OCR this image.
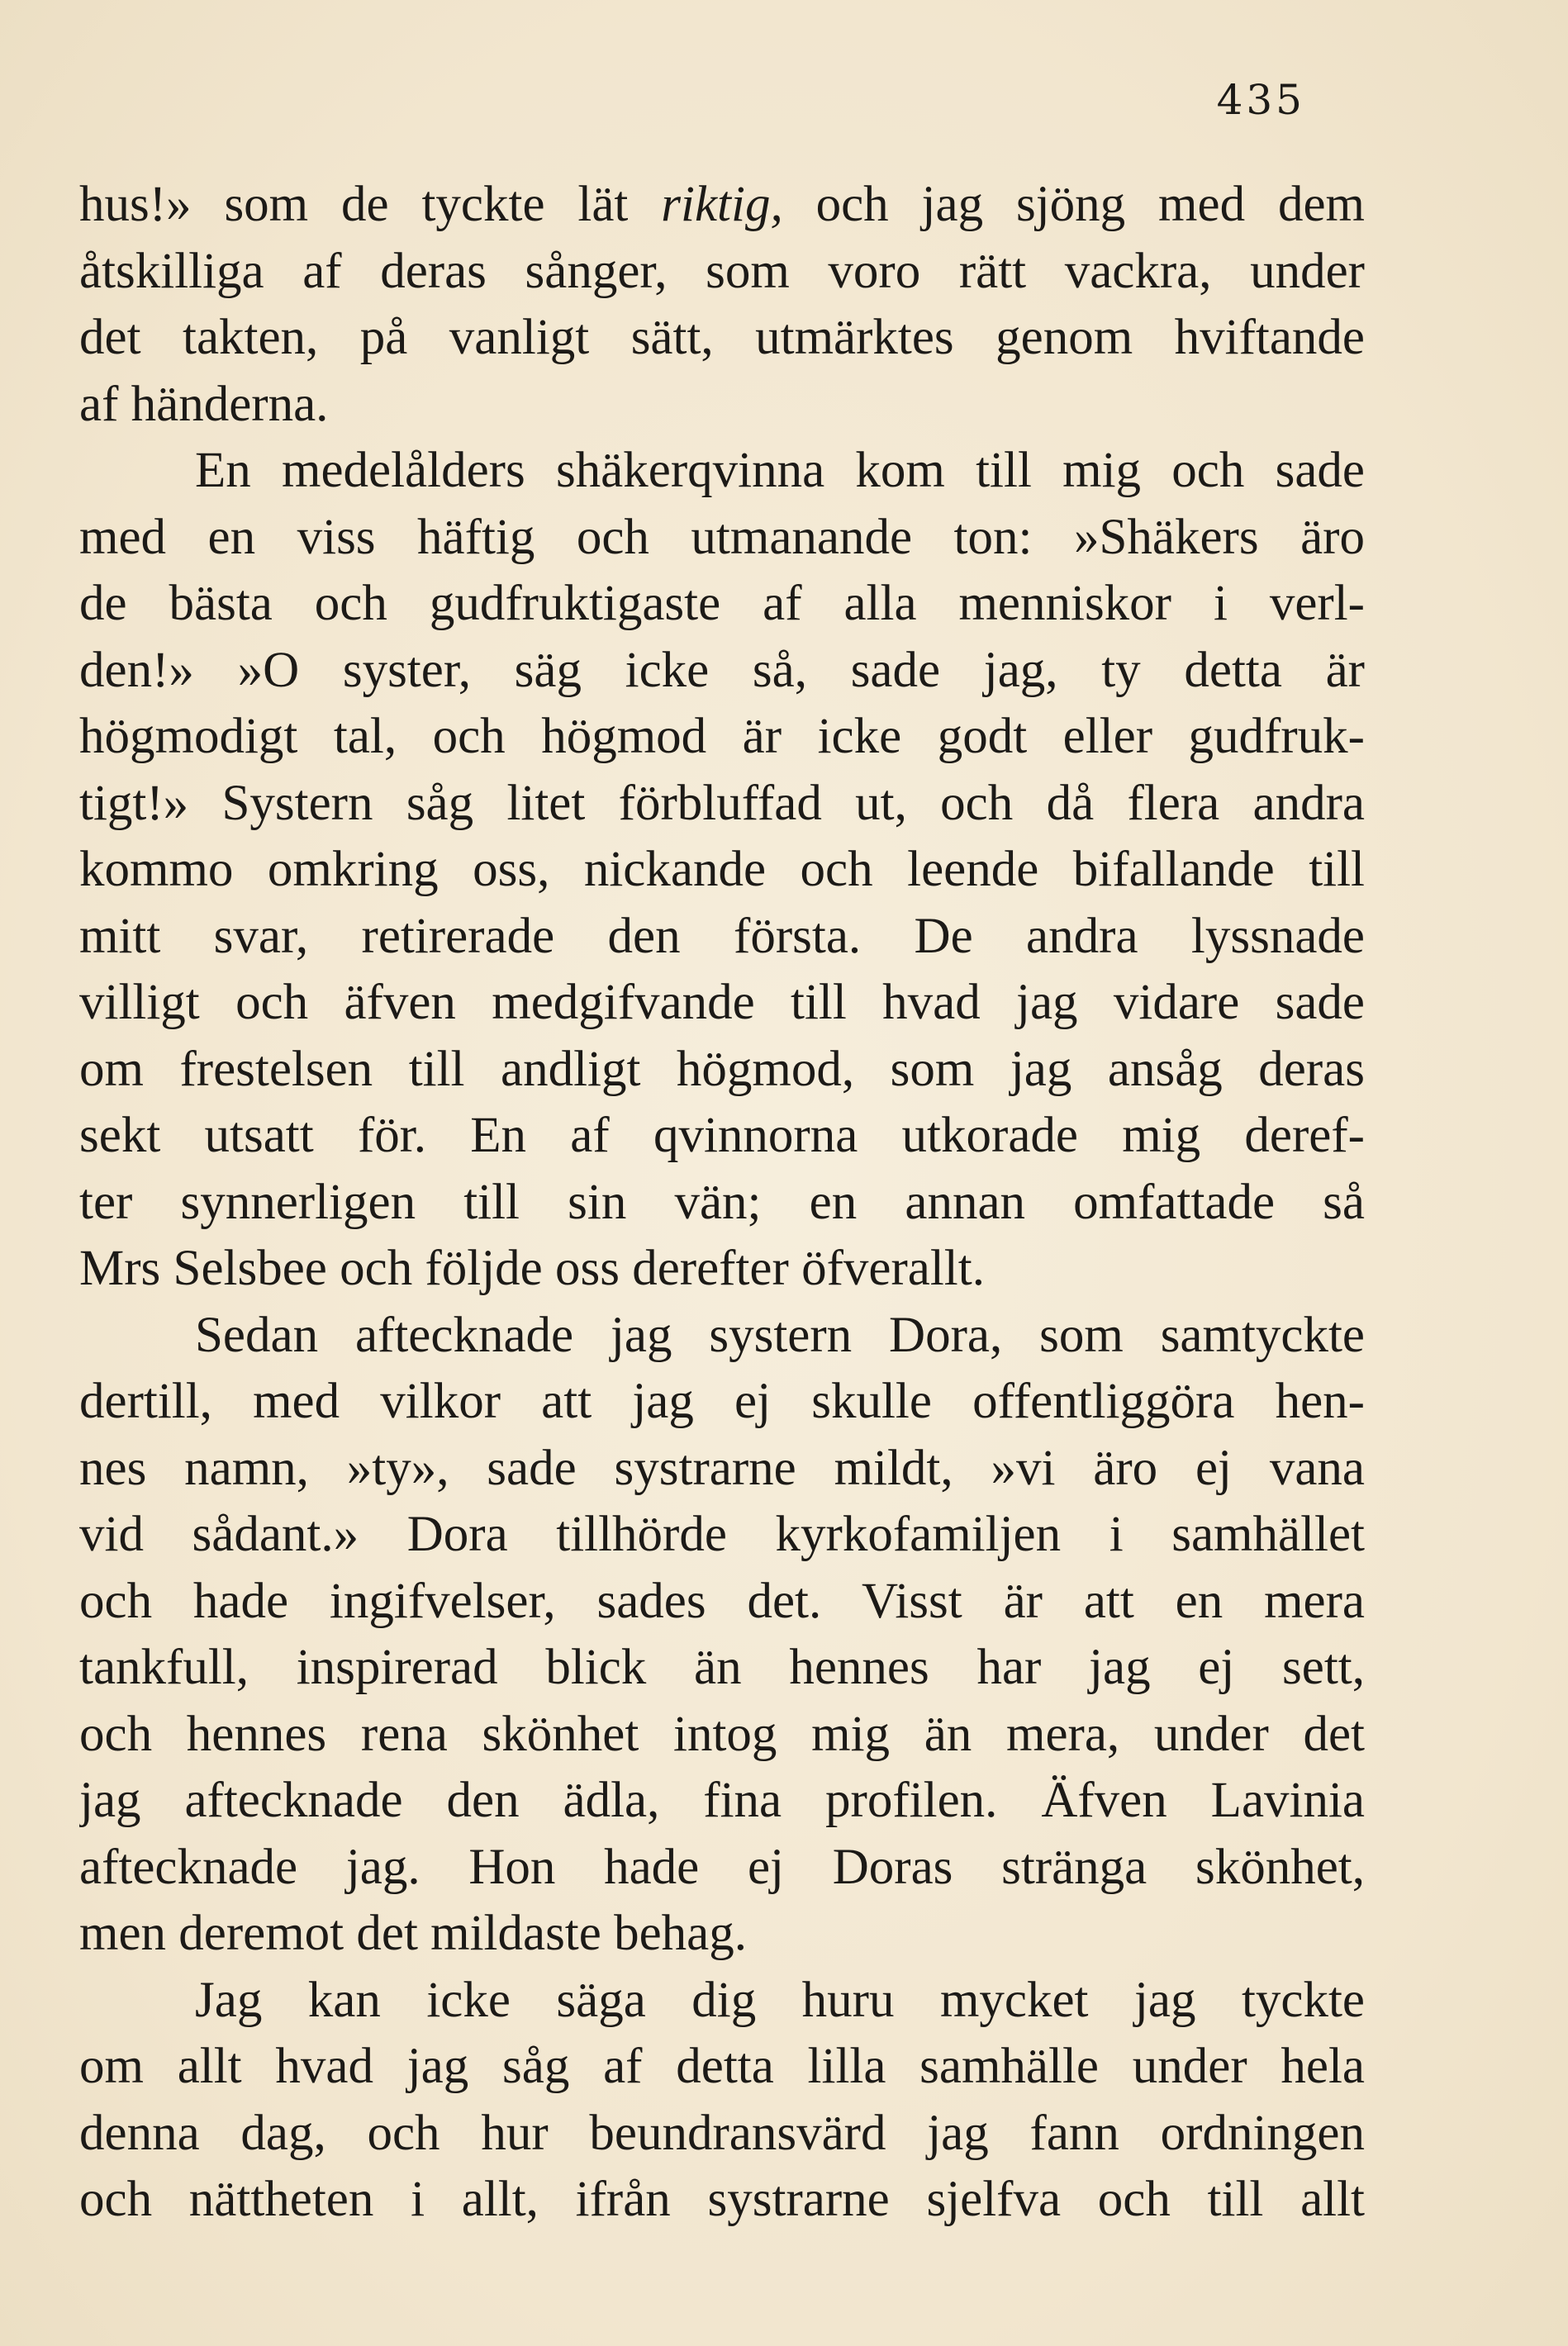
435
hus!» som de tyckte lät riktig, och jag sjöng med dem
åtskilliga af deras sånger, som voro rätt vackra, under
det takten, på vanligt sätt, utmärktes genom hviftande
af händerna.
En medelålders shäkerqvinna kom till mig och sade
med en viss häftig och utmanande ton: »Shäkers äro
de bästa och gudfruktigaste af alla menniskor i verl-
den!» »O syster, säg icke så, sade jag, ty detta är
högmodigt tal, och högmod är icke godt eller gudfruk-
tigt!» Systern såg litet förbluffad ut, och då flera andra
kommo omkring oss, nickande och leende bifallande till
mitt svar, retirerade den första. De andra lyssnade
villigt och äfven medgifvande till hvad jag vidare sade
om frestelsen till andligt högmod, som jag ansåg deras
sekt utsatt för. En af qvinnorna utkorade mig deref-
ter synnerligen till sin vän; en annan omfattade så
Mrs Selsbee och följde oss derefter öfverallt.
Sedan aftecknade jag systern Dora, som samtyckte
dertill, med vilkor att jag ej skulle offentliggöra hen-
nes namn, »ty», sade systrarne mildt, »vi äro ej vana
vid sådant.» Dora tillhörde kyrkofamiljen i samhället
och hade ingifvelser, sades det. Visst är att en mera
tankfull, inspirerad blick än hennes har jag ej sett,
och hennes rena skönhet intog mig än mera, under det
jag aftecknade den ädla, fina profilen. Äfven Lavinia
aftecknade jag. Hon hade ej Doras stränga skönhet,
men deremot det mildaste behag.
Jag kan icke säga dig huru mycket jag tyckte
om allt hvad jag såg af detta lilla samhälle under hela
denna dag, och hur beundransvärd jag fann ordningen
och nättheten i allt, ifrån systrarne sjelfva och till allt
